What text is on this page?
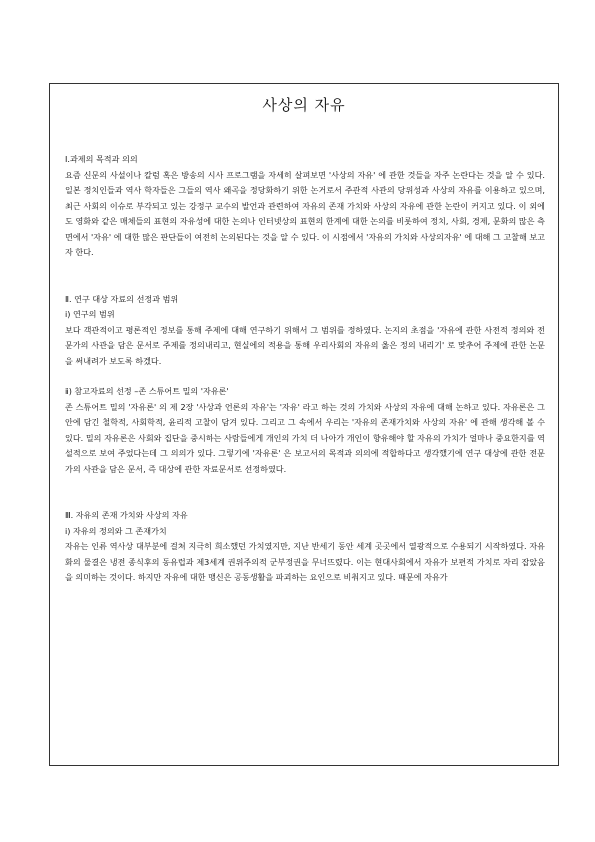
사상의 자유

Ⅰ.과제의 목적과 의의

요즘 신문의 사설이나 칼럼 혹은 방송의 시사 프로그램을 자세히 살펴보면 '사상의 자유' 에 관한 것들을 자주 논란다는 것을 알 수 있다. 일본 정치인들과 역사 학자들은 그들의 역사 왜곡을 정당화하기 위한 논거로서 주관적 사관의 당위성과 사상의 자유를 이용하고 있으며, 최근 사회의 이슈로 부각되고 있는 강정구 교수의 발언과 관련하여 자유의 존재 가치와 사상의 자유에 관한 논란이 커지고 있다. 이 외에도 영화와 같은 매체들의 표현의 자유성에 대한 논의나 인터넷상의 표현의 한계에 대한 논의를 비롯하여 정치, 사회, 경제, 문화의 많은 측면에서 '자유' 에 대한 많은 판단들이 여전히 논의된다는 것을 알 수 있다. 이 시점에서 '자유의 가치와 사상의자유' 에 대해 그 고찰해 보고자 한다.

Ⅱ. 연구 대상 자료의 선정과 범위

ⅰ) 연구의 범위

보다 객관적이고 평론적인 정보를 통해 주제에 대해 연구하기 위해서 그 범위를 정하였다. 논지의 초점을 '자유에 관한 사전적 정의와 전문가의 사관을 담은 문서로 주제를 정의내리고, 현실에의 적용을 통해 우리사회의 자유의 옳은 정의 내리기' 로 맞추어 주제에 관한 논문을 써내려가 보도록 하겠다.

ⅱ) 참고자료의 선정 –존 스튜어트 밀의 '자유론'

존 스튜어트 밀의 '자유론' 의 제 2장 '사상과 언론의 자유'는 '자유' 라고 하는 것의 가치와 사상의 자유에 대해 논하고 있다. 자유론은 그 안에 담긴 철학적, 사회학적, 윤리적 고찰이 담겨 있다. 그리고 그 속에서 우리는 '자유의 존재가치와 사상의 자유' 에 관해 생각해 볼 수 있다. 밀의 자유론은 사회와 집단을 중시하는 사람들에게 개인의 가치 더 나아가 개인이 향유해야 할 자유의 가치가 얼마나 중요한지를 역설적으로 보여 주었다는데 그 의의가 있다. 그렇기에 '자유론' 은 보고서의 목적과 의의에 적합하다고 생각했기에 연구 대상에 관한 전문가의 사관을 담은 문서, 즉 대상에 관한 자료문서로 선정하였다.

Ⅲ. 자유의 존재 가치와 사상의 자유

ⅰ) 자유의 정의와 그 존재가치

자유는 인류 역사상 대부분에 걸쳐 지극히 희소했던 가치였지만, 지난 반세기 동안 세계 곳곳에서 열광적으로 수용되기 시작하였다. 자유화의 물결은 냉전 종식후의 동유럽과 제3세계 권위주의적 군부정권을 무너뜨렸다. 이는 현대사회에서 자유가 보편적 가치로 자리 잡았음을 의미하는 것이다. 하지만 자유에 대한 맹신은 공동생활을 파괴하는 요인으로 비춰지고 있다. 때문에 자유가
